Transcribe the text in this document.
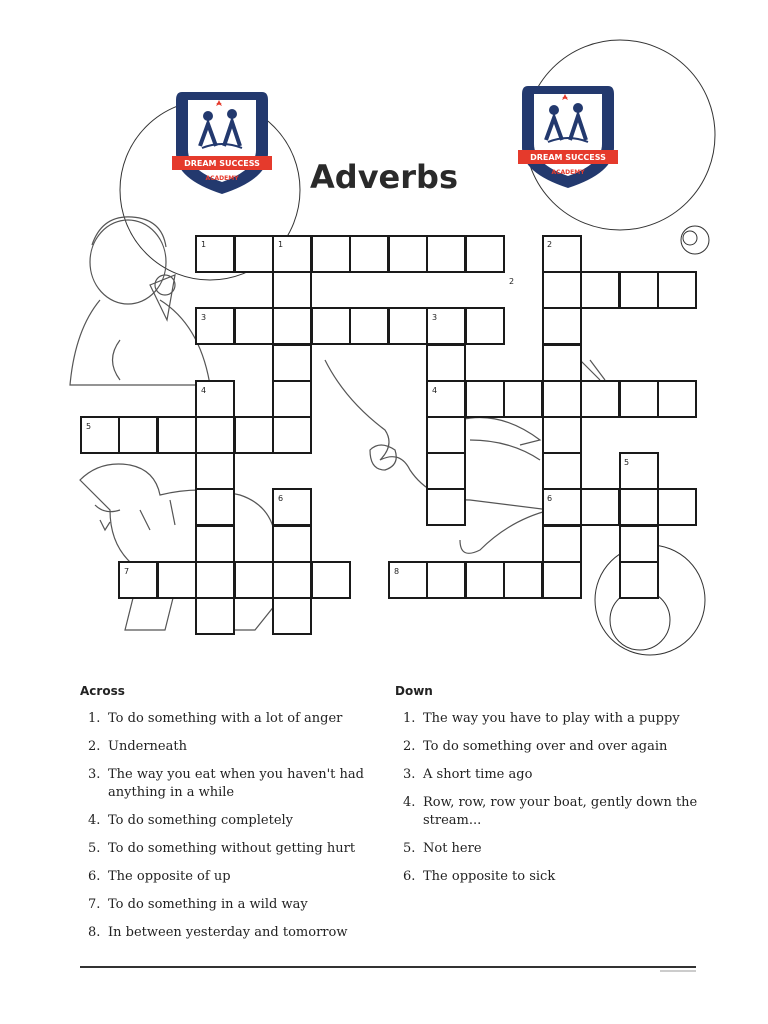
DREAM SUCCESS
ACADEMY
DREAM SUCCESS
ACADEMY
Adverbs
1	1	2
2
3	3
4	4
5
5
6	6
7	8
Across
1. To do something with a lot of anger
2. Underneath
3. The way you eat when you haven't had anything in a while
4. To do something completely
5. To do something without getting hurt
6. The opposite of up
7. To do something in a wild way
8. In between yesterday and tomorrow
Down
1. The way you have to play with a puppy
2. To do something over and over again
3. A short time ago
4. Row, row, row your boat, gently down the stream...
5. Not here
6. The opposite to sick
